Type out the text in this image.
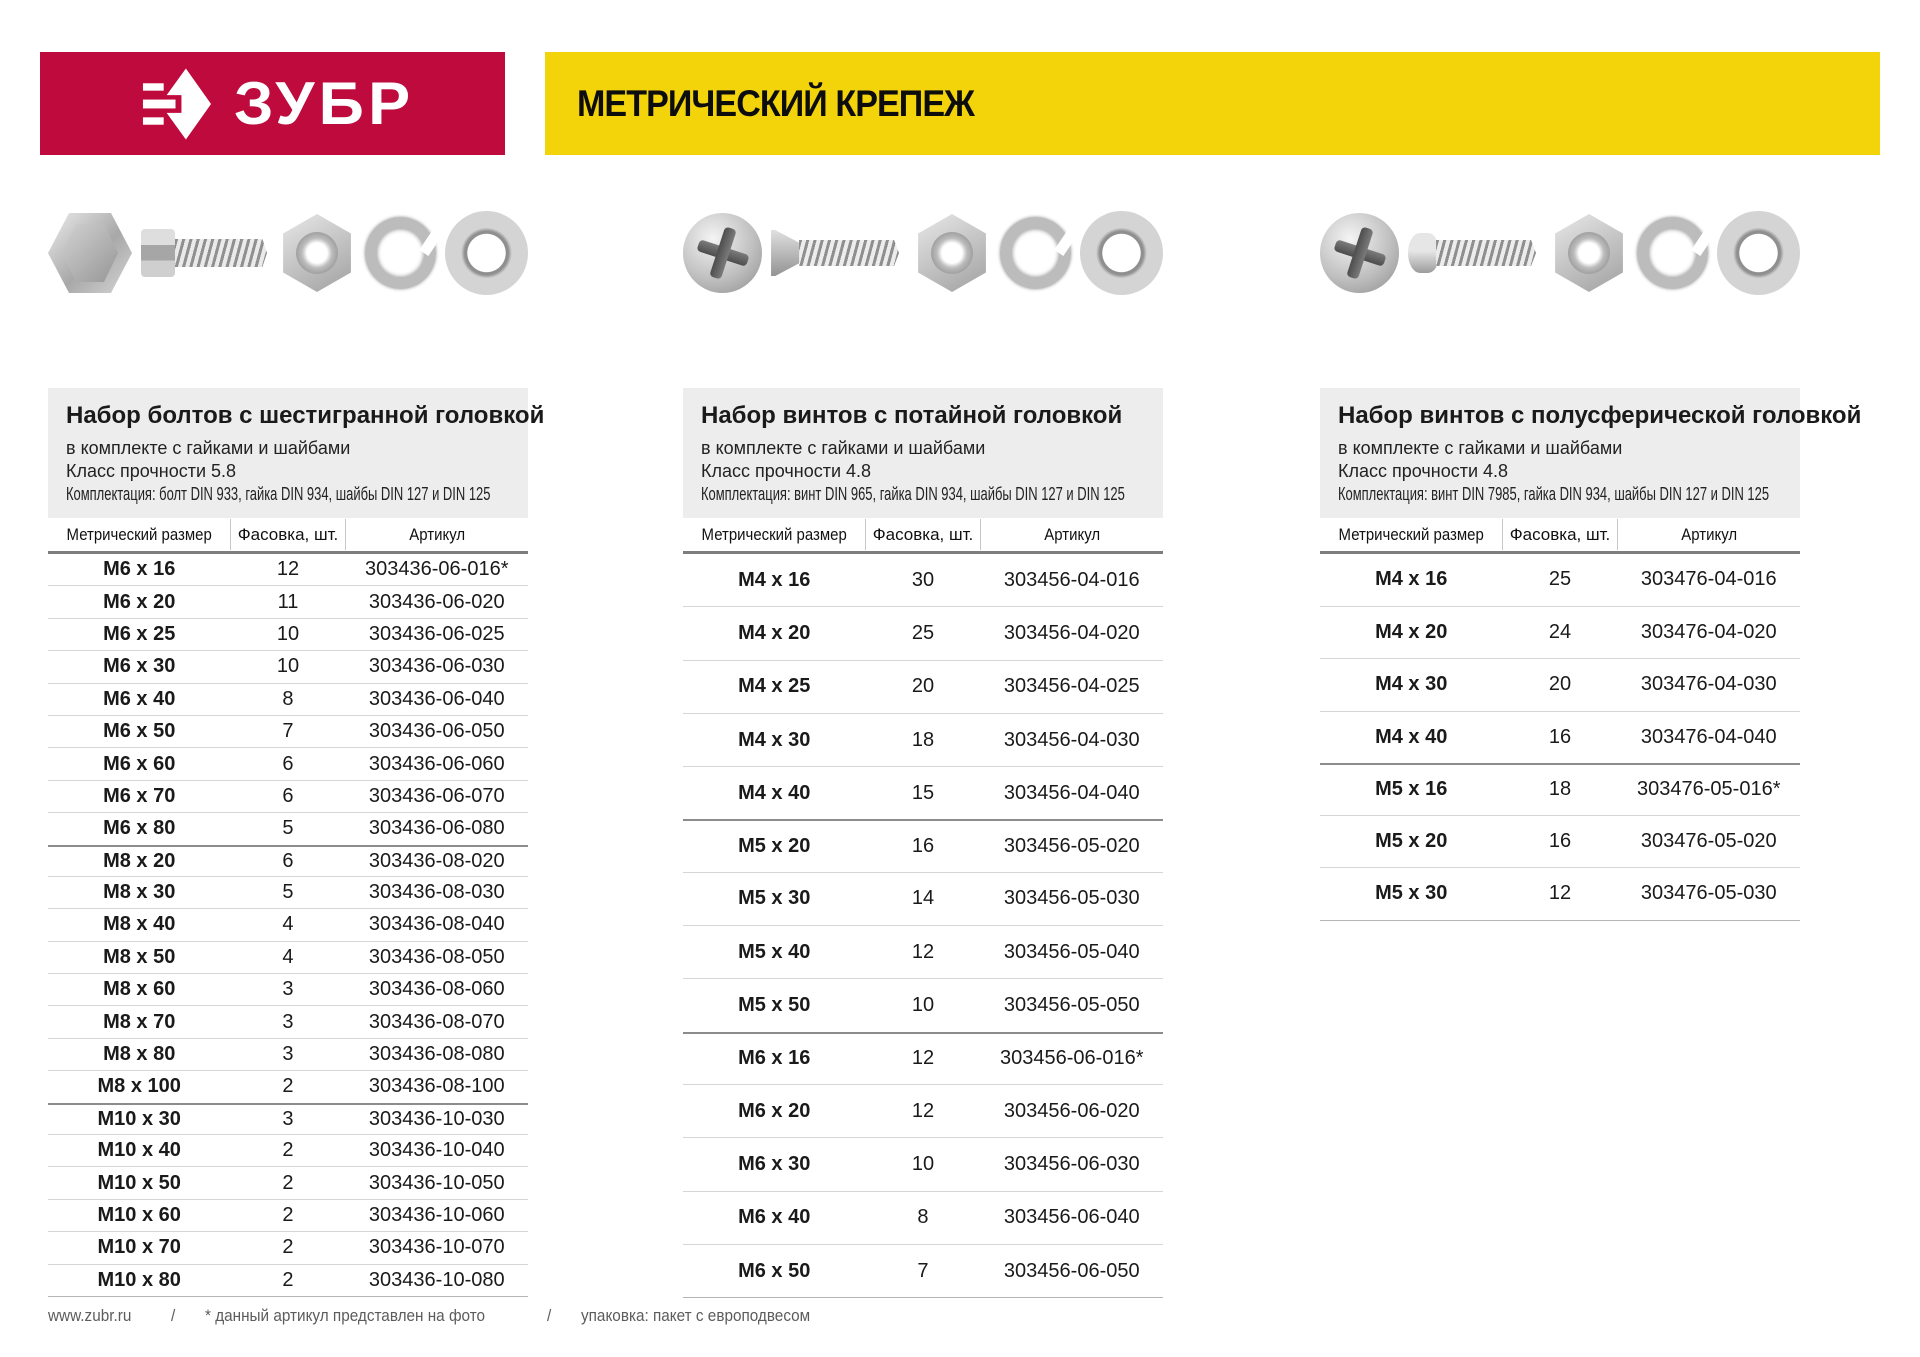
ЗУБР	МЕТРИЧЕСКИЙ КРЕПЕЖ
Набор болтов с шестигранной головкой

в комплекте с гайками и шайбами

Класс прочности 5.8

Комплектация: болт DIN 933, гайка DIN 934, шайбы DIN 127 и DIN 125

Метрический размер	Фасовка, шт.	Артикул
M6 x 16	12	303436-06-016*
M6 x 20	11	303436-06-020
M6 x 25	10	303436-06-025
M6 x 30	10	303436-06-030
M6 x 40	8	303436-06-040
M6 x 50	7	303436-06-050
M6 x 60	6	303436-06-060
M6 x 70	6	303436-06-070
M6 x 80	5	303436-06-080
M8 x 20	6	303436-08-020
M8 x 30	5	303436-08-030
M8 x 40	4	303436-08-040
M8 x 50	4	303436-08-050
M8 x 60	3	303436-08-060
M8 x 70	3	303436-08-070
M8 x 80	3	303436-08-080
M8 x 100	2	303436-08-100
M10 x 30	3	303436-10-030
M10 x 40	2	303436-10-040
M10 x 50	2	303436-10-050
M10 x 60	2	303436-10-060
M10 x 70	2	303436-10-070
M10 x 80	2	303436-10-080
Набор винтов с потайной головкой

в комплекте с гайками и шайбами

Класс прочности 4.8

Комплектация: винт DIN 965, гайка DIN 934, шайбы DIN 127 и DIN 125

Метрический размер	Фасовка, шт.	Артикул
M4 x 16	30	303456-04-016
M4 x 20	25	303456-04-020
M4 x 25	20	303456-04-025
M4 x 30	18	303456-04-030
M4 x 40	15	303456-04-040
M5 x 20	16	303456-05-020
M5 x 30	14	303456-05-030
M5 x 40	12	303456-05-040
M5 x 50	10	303456-05-050
M6 x 16	12	303456-06-016*
M6 x 20	12	303456-06-020
M6 x 30	10	303456-06-030
M6 x 40	8	303456-06-040
M6 x 50	7	303456-06-050
Набор винтов с полусферической головкой

в комплекте с гайками и шайбами

Класс прочности 4.8

Комплектация: винт DIN 7985, гайка DIN 934, шайбы DIN 127 и DIN 125

Метрический размер	Фасовка, шт.	Артикул
M4 x 16	25	303476-04-016
M4 x 20	24	303476-04-020
M4 x 30	20	303476-04-030
M4 x 40	16	303476-04-040
M5 x 16	18	303476-05-016*
M5 x 20	16	303476-05-020
M5 x 30	12	303476-05-030
www.zubr.ru / * данный артикул представлен на фото	/ упаковка: пакет с европодвесом
